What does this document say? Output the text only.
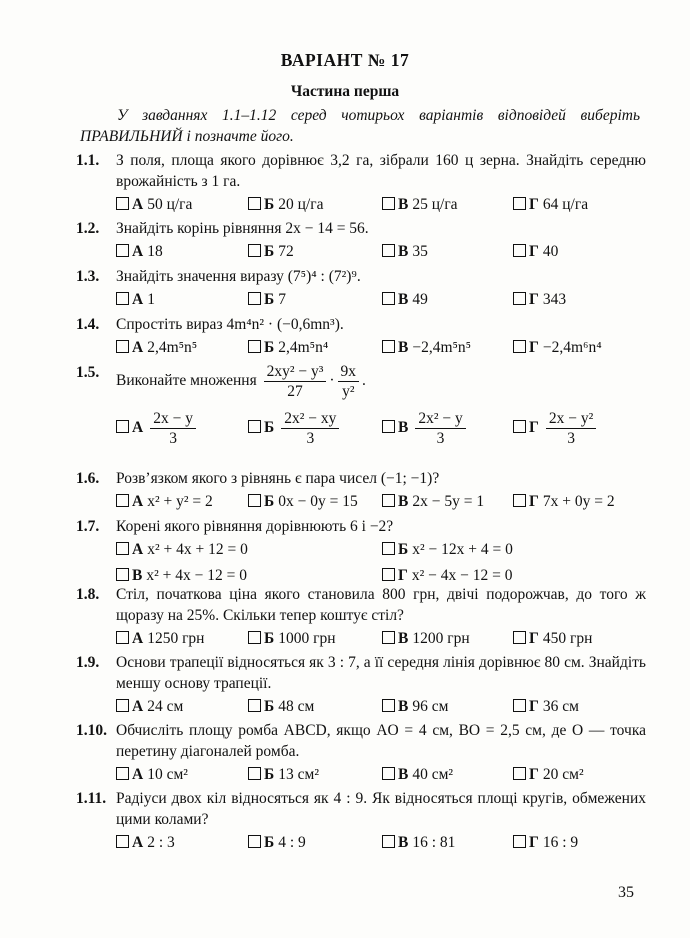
ВАРІАНТ № 17
Частина перша
У завданнях 1.1–1.12 серед чотирьох варіантів відповідей виберіть ПРАВИЛЬНИЙ і позначте його.
1.1. З поля, площа якого дорівнює 3,2 га, зібрали 160 ц зерна. Знайдіть середню врожайність з 1 га.
А 50 ц/га	Б 20 ц/га	В 25 ц/га	Г 64 ц/га
1.2. Знайдіть корінь рівняння 2x − 14 = 56.
А 18	Б 72	В 35	Г 40
1.3. Знайдіть значення виразу (7⁵)⁴ : (7²)⁹.
А 1	Б 7	В 49	Г 343
1.4. Спростіть вираз 4m⁴n² · (−0,6mn³).
А 2,4m⁵n⁵	Б 2,4m⁵n⁴	В −2,4m⁵n⁵	Г −2,4m⁶n⁴
1.5. Виконайте множення $\frac{\text{2xy² − y³}}{27} \cdot \frac{9x}{\text{y²}}$ .
А $\frac{2x - y}{3}$	Б $\frac{\text{2x² − xy}}{3}$	В $\frac{\text{2x² − y}}{3}$	Г $\frac{\text{2x − y²}}{3}$
1.6. Розв’язком якого з рівнянь є пара чисел (−1; −1)?
А x² + y² = 2	Б 0x − 0y = 15	В 2x − 5y = 1	Г 7x + 0y = 2
1.7. Корені якого рівняння дорівнюють 6 і −2?
А x² + 4x + 12 = 0	Б x² − 12x + 4 = 0
В x² + 4x − 12 = 0	Г x² − 4x − 12 = 0
1.8. Стіл, початкова ціна якого становила 800 грн, двічі подорожчав, до того ж щоразу на 25%. Скільки тепер коштує стіл?
А 1250 грн	Б 1000 грн	В 1200 грн	Г 450 грн
1.9. Основи трапеції відносяться як 3 : 7, а її середня лінія дорівнює 80 см. Знайдіть меншу основу трапеції.
А 24 см	Б 48 см	В 96 см	Г 36 см
1.10. Обчисліть площу ромба ABCD, якщо AO = 4 см, BO = 2,5 см, де O — точка перетину діагоналей ромба.
А 10 см²	Б 13 см²	В 40 см²	Г 20 см²
1.11. Радіуси двох кіл відносяться як 4 : 9. Як відносяться площі кругів, обмежених цими колами?
А 2 : 3	Б 4 : 9	В 16 : 81	Г 16 : 9
35
